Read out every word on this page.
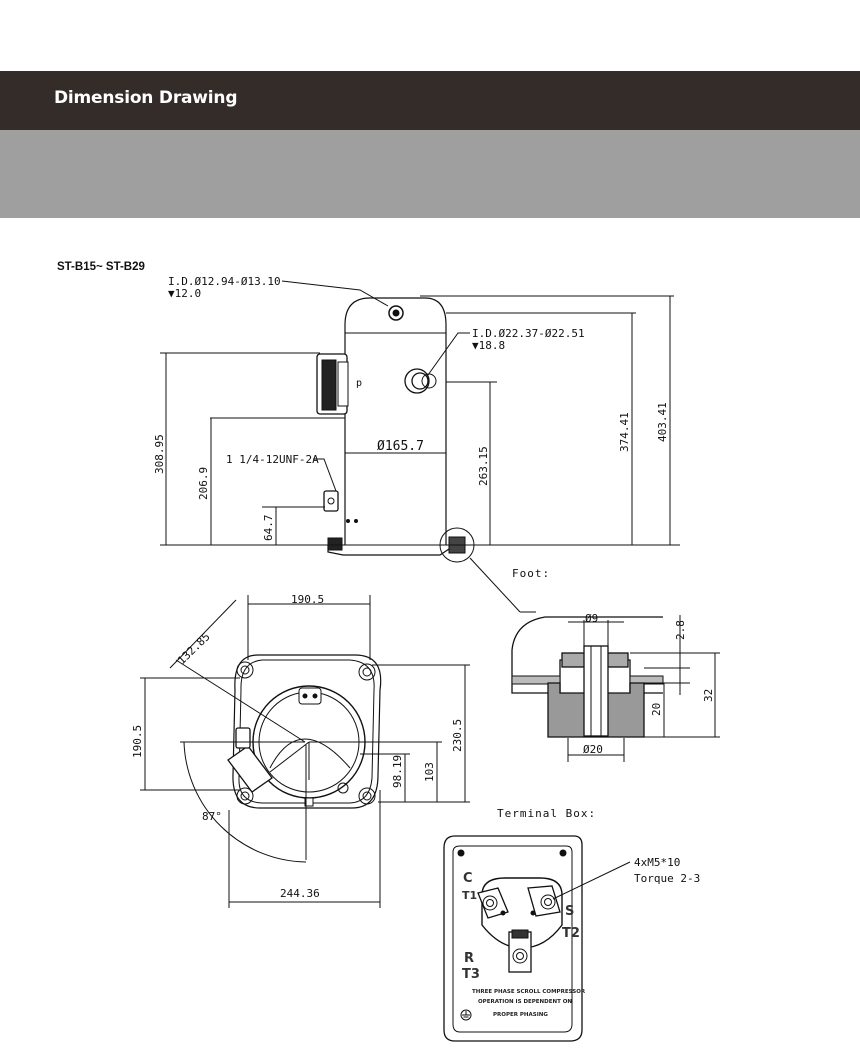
Dimension Drawing
ST-B15~ ST-B29
p
I.D.Ø12.94-Ø13.10
▼12.0
I.D.Ø22.37-Ø22.51
▼18.8
Ø165.7
1 1/4-12UNF-2A
308.95
206.9
64.7
263.15
374.41 403.41
Foot:
Ø9
Ø20
2.8
20
32
190.5
132.85
190.5	230.5
103
98.19
87°
244.36
Terminal Box:
4xM5*10
Torque 2-3
C
T1
S
T2
R
T3
THREE PHASE SCROLL COMPRESSOR
OPERATION IS DEPENDENT ON
PROPER PHASING
